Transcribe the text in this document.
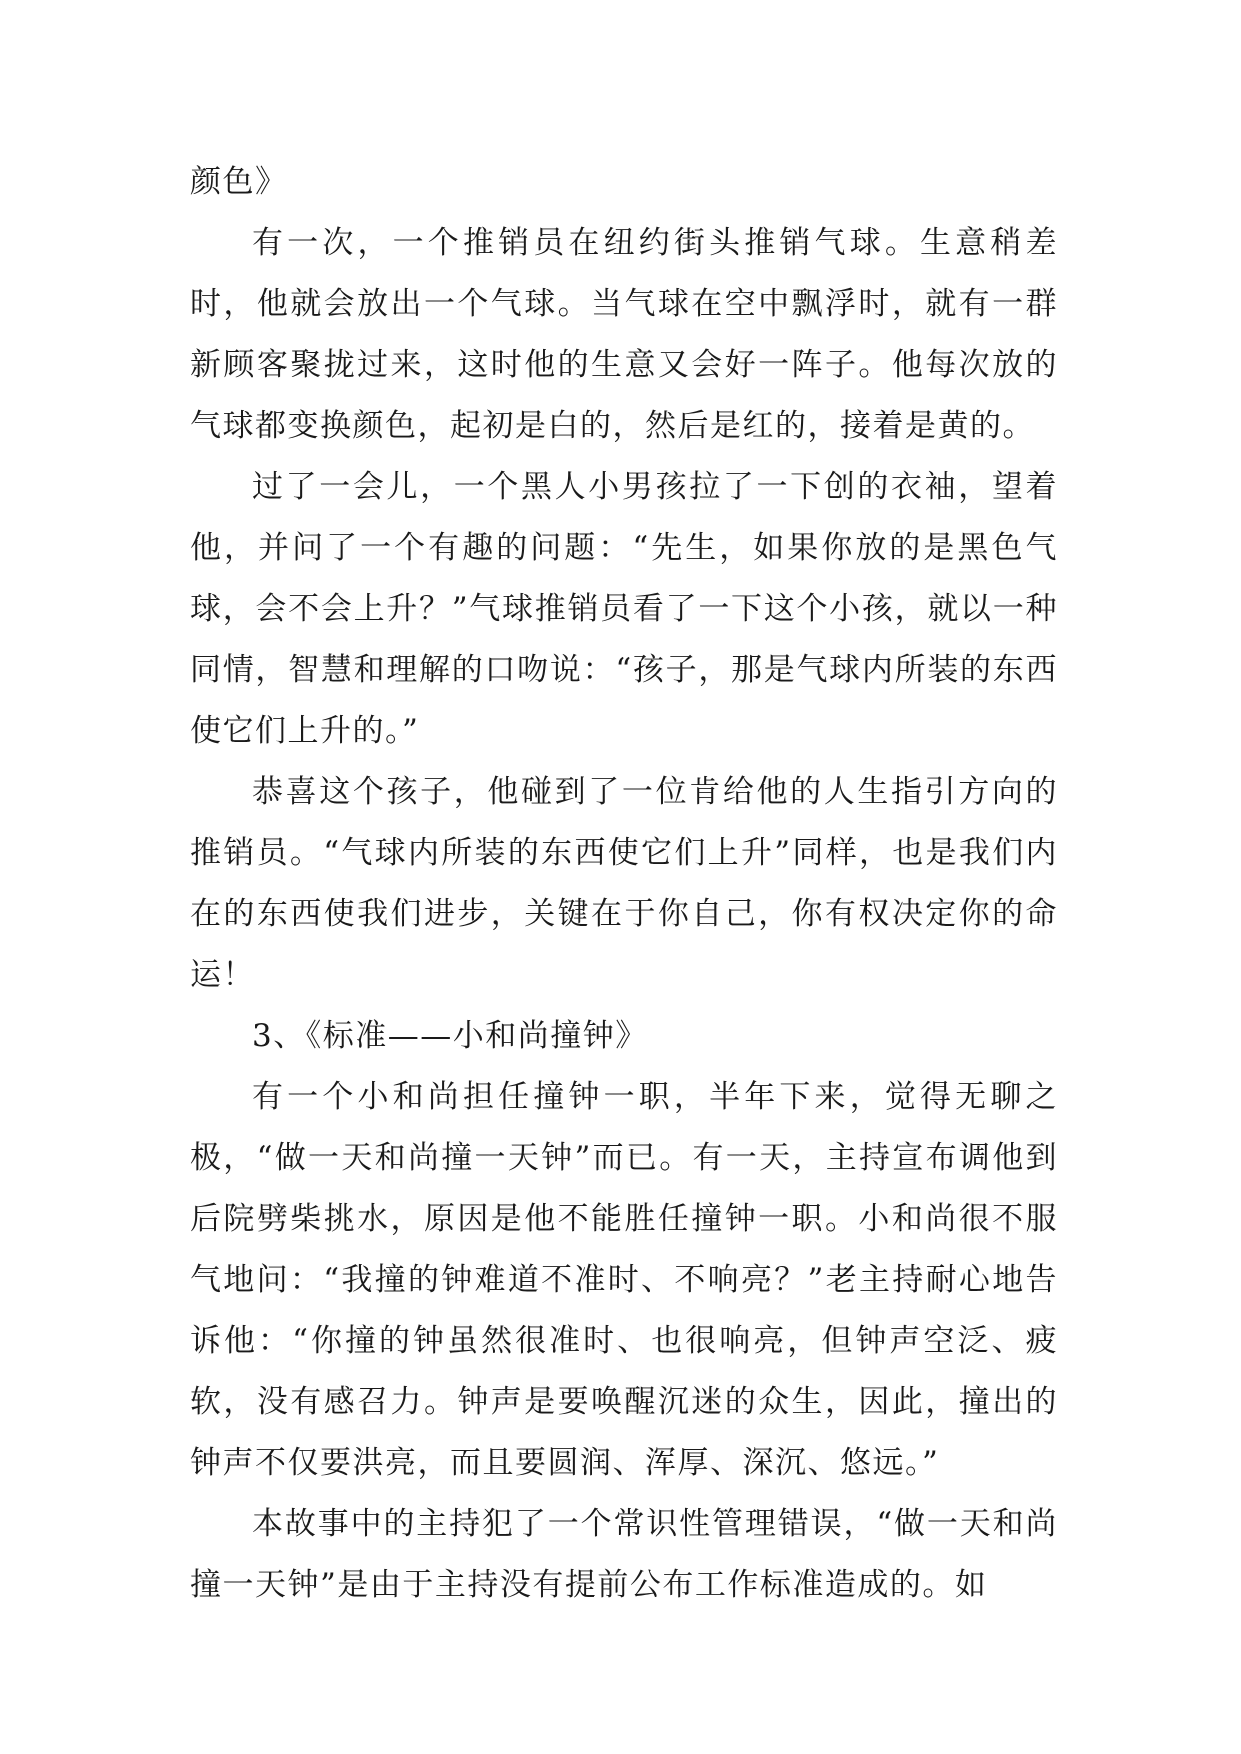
颜色》

有一次，一个推销员在纽约街头推销气球。生意稍差时，他就会放出一个气球。当气球在空中飘浮时，就有一群新顾客聚拢过来，这时他的生意又会好一阵子。他每次放的气球都变换颜色，起初是白的，然后是红的，接着是黄的。

过了一会儿，一个黑人小男孩拉了一下创的衣袖，望着他，并问了一个有趣的问题：“先生，如果你放的是黑色气球，会不会上升？”气球推销员看了一下这个小孩，就以一种同情，智慧和理解的口吻说：“孩子，那是气球内所装的东西使它们上升的。”

恭喜这个孩子，他碰到了一位肯给他的人生指引方向的推销员。“气球内所装的东西使它们上升”同样，也是我们内在的东西使我们进步，关键在于你自己，你有权决定你的命运！

3、《标准——小和尚撞钟》

有一个小和尚担任撞钟一职，半年下来，觉得无聊之极，“做一天和尚撞一天钟”而已。有一天，主持宣布调他到后院劈柴挑水，原因是他不能胜任撞钟一职。小和尚很不服气地问：“我撞的钟难道不准时、不响亮？”老主持耐心地告诉他：“你撞的钟虽然很准时、也很响亮，但钟声空泛、疲软，没有感召力。钟声是要唤醒沉迷的众生，因此，撞出的钟声不仅要洪亮，而且要圆润、浑厚、深沉、悠远。”

本故事中的主持犯了一个常识性管理错误，“做一天和尚撞一天钟”是由于主持没有提前公布工作标准造成的。如
